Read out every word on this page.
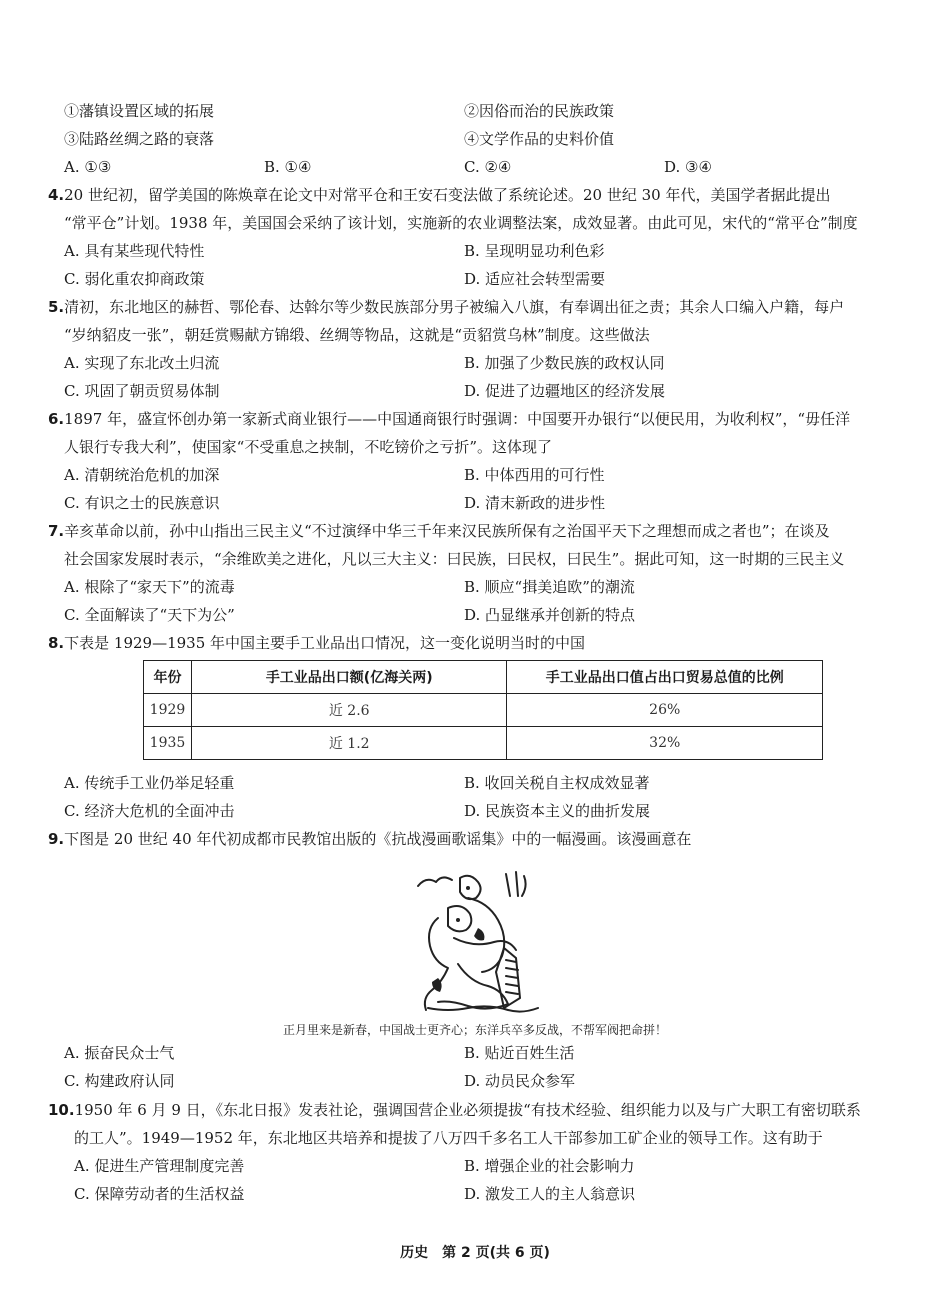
①藩镇设置区域的拓展	②因俗而治的民族政策
③陆路丝绸之路的衰落	④文学作品的史料价值
A. ①③	B. ①④	C. ②④	D. ③④
4.20 世纪初，留学美国的陈焕章在论文中对常平仓和王安石变法做了系统论述。20 世纪 30 年代，美国学者据此提出
“常平仓”计划。1938 年，美国国会采纳了该计划，实施新的农业调整法案，成效显著。由此可见，宋代的“常平仓”制度
A. 具有某些现代特性	B. 呈现明显功利色彩
C. 弱化重农抑商政策	D. 适应社会转型需要
5.清初，东北地区的赫哲、鄂伦春、达斡尔等少数民族部分男子被编入八旗，有奉调出征之责；其余人口编入户籍，每户
“岁纳貂皮一张”，朝廷赏赐献方锦缎、丝绸等物品，这就是“贡貂赏乌林”制度。这些做法
A. 实现了东北改土归流	B. 加强了少数民族的政权认同
C. 巩固了朝贡贸易体制	D. 促进了边疆地区的经济发展
6.1897 年，盛宣怀创办第一家新式商业银行——中国通商银行时强调：中国要开办银行“以便民用，为收利权”，“毋任洋
人银行专我大利”，使国家“不受重息之挟制，不吃镑价之亏折”。这体现了
A. 清朝统治危机的加深	B. 中体西用的可行性
C. 有识之士的民族意识	D. 清末新政的进步性
7.辛亥革命以前，孙中山指出三民主义“不过演绎中华三千年来汉民族所保有之治国平天下之理想而成之者也”；在谈及
社会国家发展时表示，“余维欧美之进化，凡以三大主义：曰民族，曰民权，曰民生”。据此可知，这一时期的三民主义
A. 根除了“家天下”的流毒	B. 顺应“揖美追欧”的潮流
C. 全面解读了“天下为公”	D. 凸显继承并创新的特点
8.下表是 1929—1935 年中国主要手工业品出口情况，这一变化说明当时的中国
年份	手工业品出口额(亿海关两)	手工业品出口值占出口贸易总值的比例
1929	近 2.6	26%
1935	近 1.2	32%
A. 传统手工业仍举足轻重	B. 收回关税自主权成效显著
C. 经济大危机的全面冲击	D. 民族资本主义的曲折发展
9.下图是 20 世纪 40 年代初成都市民教馆出版的《抗战漫画歌谣集》中的一幅漫画。该漫画意在
正月里来是新春，中国战士更齐心；东洋兵卒多反战，不帮军阀把命拼！
A. 振奋民众士气	B. 贴近百姓生活
C. 构建政府认同	D. 动员民众参军
10.1950 年 6 月 9 日，《东北日报》发表社论，强调国营企业必须提拔“有技术经验、组织能力以及与广大职工有密切联系
的工人”。1949—1952 年，东北地区共培养和提拔了八万四千多名工人干部参加工矿企业的领导工作。这有助于
A. 促进生产管理制度完善	B. 增强企业的社会影响力
C. 保障劳动者的生活权益	D. 激发工人的主人翁意识
历史　第 2 页(共 6 页)
